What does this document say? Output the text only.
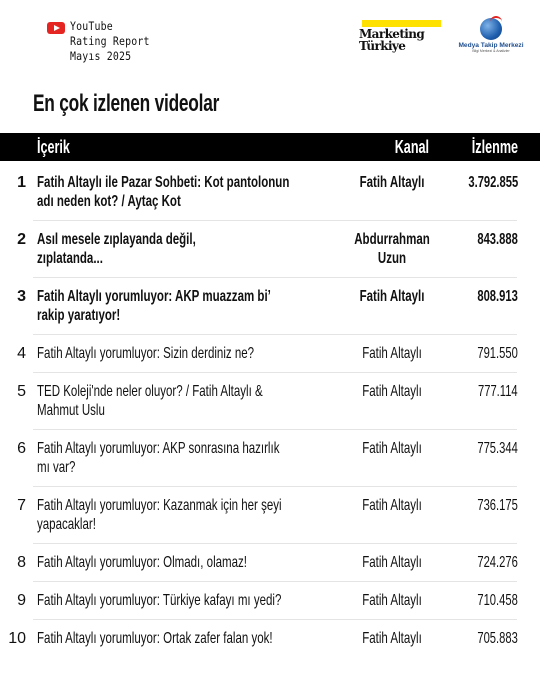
YouTube
Rating Report
Mayıs 2025
Marketing
Türkiye	Medya Takip Merkezi
Bilgi Merkezi & Analizler
En çok izlenen videolar
İçerik	Kanal	İzlenme
1 Fatih Altaylı ile Pazar Sohbeti: Kot pantolonun
adı neden kot? / Aytaç Kot
Fatih Altaylı	3.792.855
2 Asıl mesele zıplayanda değil,
zıplatanda...
Abdurrahman
Uzun
843.888
3 Fatih Altaylı yorumluyor: AKP muazzam bi’
rakip yaratıyor!
Fatih Altaylı	808.913
4 Fatih Altaylı yorumluyor: Sizin derdiniz ne?	Fatih Altaylı	791.550
5 TED Koleji'nde neler oluyor? / Fatih Altaylı &
Mahmut Uslu
Fatih Altaylı	777.114
6 Fatih Altaylı yorumluyor: AKP sonrasına hazırlık
mı var?
Fatih Altaylı	775.344
7 Fatih Altaylı yorumluyor: Kazanmak için her şeyi
yapacaklar!
Fatih Altaylı	736.175
8 Fatih Altaylı yorumluyor: Olmadı, olamaz!	Fatih Altaylı	724.276
9 Fatih Altaylı yorumluyor: Türkiye kafayı mı yedi?	Fatih Altaylı	710.458
10 Fatih Altaylı yorumluyor: Ortak zafer falan yok!	Fatih Altaylı	705.883
